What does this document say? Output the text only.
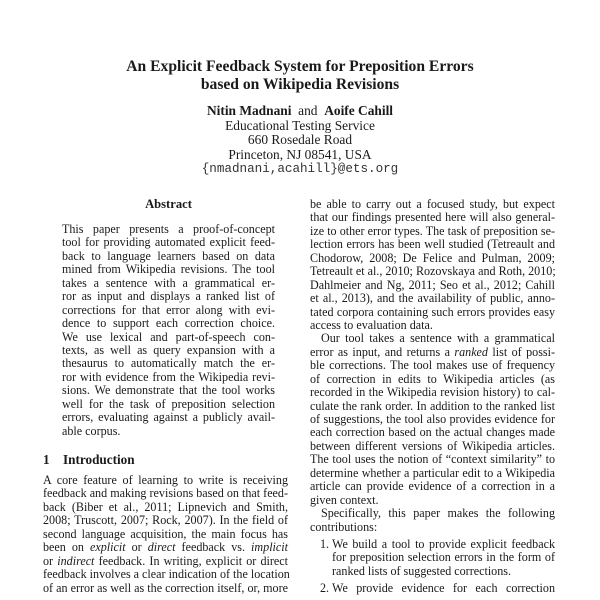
An Explicit Feedback System for Preposition Errors
based on Wikipedia Revisions
Nitin Madnani and Aoife Cahill
Educational Testing Service
660 Rosedale Road
Princeton, NJ 08541, USA
{nmadnani,acahill}@ets.org
Abstract
This paper presents a proof-of-concept
tool for providing automated explicit feed-
back to language learners based on data
mined from Wikipedia revisions. The tool
takes a sentence with a grammatical er-
ror as input and displays a ranked list of
corrections for that error along with evi-
dence to support each correction choice.
We use lexical and part-of-speech con-
texts, as well as query expansion with a
thesaurus to automatically match the er-
ror with evidence from the Wikipedia revi-
sions. We demonstrate that the tool works
well for the task of preposition selection
errors, evaluating against a publicly avail-
able corpus.
1 Introduction
A core feature of learning to write is receiving
feedback and making revisions based on that feed-
back (Biber et al., 2011; Lipnevich and Smith,
2008; Truscott, 2007; Rock, 2007). In the field of
second language acquisition, the main focus has
been on explicit or direct feedback vs. implicit
or indirect feedback. In writing, explicit or direct
feedback involves a clear indication of the location
of an error as well as the correction itself, or, more
be able to carry out a focused study, but expect
that our findings presented here will also general-
ize to other error types. The task of preposition se-
lection errors has been well studied (Tetreault and
Chodorow, 2008; De Felice and Pulman, 2009;
Tetreault et al., 2010; Rozovskaya and Roth, 2010;
Dahlmeier and Ng, 2011; Seo et al., 2012; Cahill
et al., 2013), and the availability of public, anno-
tated corpora containing such errors provides easy
access to evaluation data.
Our tool takes a sentence with a grammatical
error as input, and returns a ranked list of possi-
ble corrections. The tool makes use of frequency
of correction in edits to Wikipedia articles (as
recorded in the Wikipedia revision history) to cal-
culate the rank order. In addition to the ranked list
of suggestions, the tool also provides evidence for
each correction based on the actual changes made
between different versions of Wikipedia articles.
The tool uses the notion of “context similarity” to
determine whether a particular edit to a Wikipedia
article can provide evidence of a correction in a
given context.
Specifically, this paper makes the following
contributions:
1. We build a tool to provide explicit feedback
for preposition selection errors in the form of
ranked lists of suggested corrections.
2. We provide evidence for each correction
